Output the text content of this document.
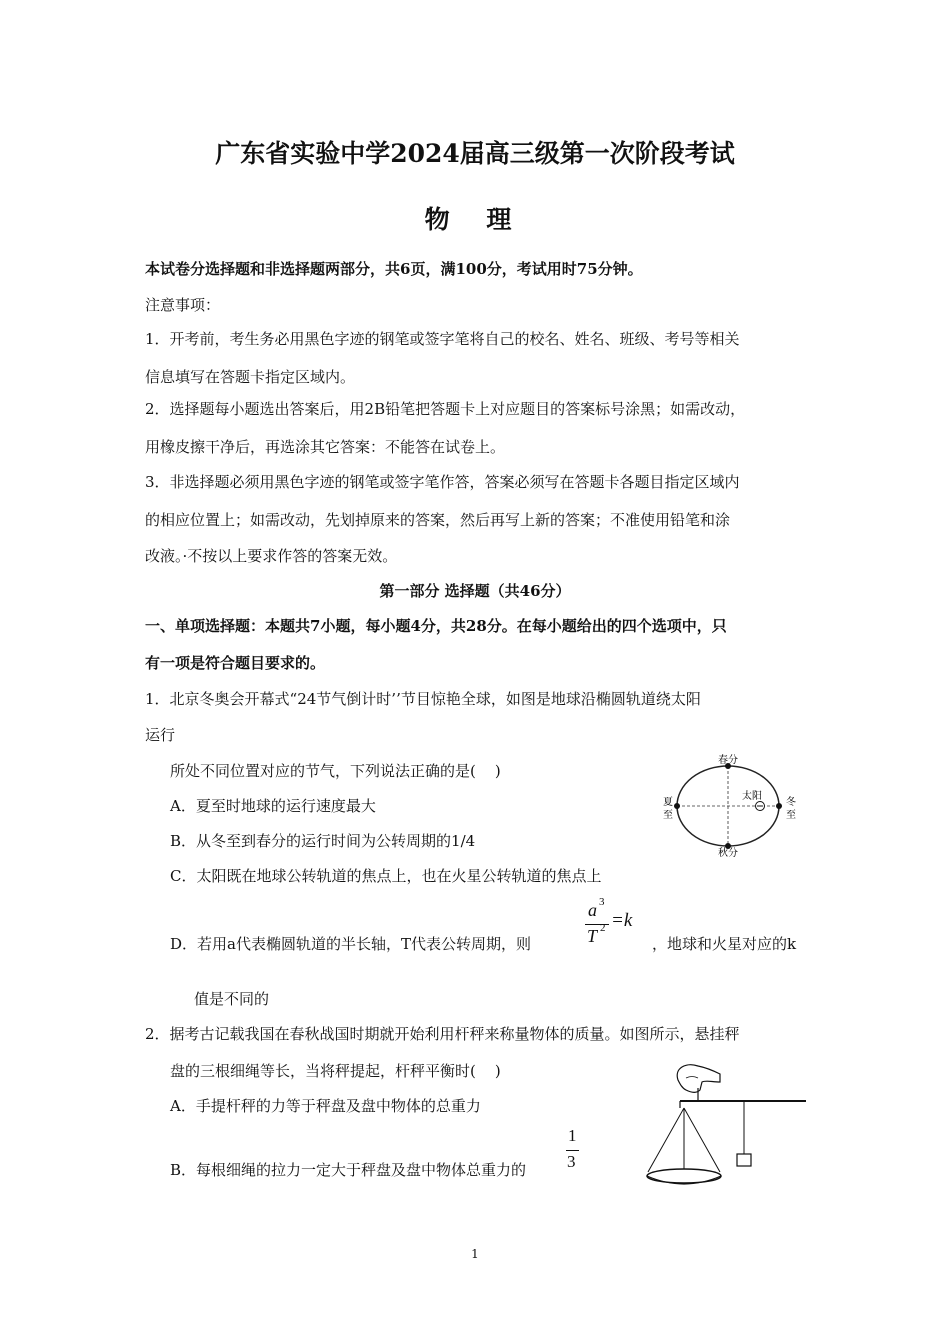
广东省实验中学2024届高三级第一次阶段考试
物 理
本试卷分选择题和非选择题两部分，共6页，满100分，考试用时75分钟。
注意事项：
1．开考前，考生务必用黑色字迹的钢笔或签字笔将自己的校名、姓名、班级、考号等相关
信息填写在答题卡指定区域内。
2．选择题每小题选出答案后，用2B铅笔把答题卡上对应题目的答案标号涂黑；如需改动，
用橡皮擦干净后，再选涂其它答案：不能答在试卷上。
3．非选择题必须用黑色字迹的钢笔或签字笔作答，答案必须写在答题卡各题目指定区域内
的相应位置上；如需改动，先划掉原来的答案，然后再写上新的答案；不准使用铅笔和涂
改液。·不按以上要求作答的答案无效。
第一部分 选择题（共46分）
一、单项选择题：本题共7小题，每小题4分，共28分。在每小题给出的四个选项中，只
有一项是符合题目要求的。
1．北京冬奥会开幕式“24节气倒计时’’节目惊艳全球，如图是地球沿椭圆轨道绕太阳
运行
所处不同位置对应的节气，下列说法正确的是(    )
A．夏至时地球的运行速度最大
B．从冬至到春分的运行时间为公转周期的1/4
C．太阳既在地球公转轨道的焦点上，也在火星公转轨道的焦点上
D．若用a代表椭圆轨道的半长轴，T代表公转周期，则
a 3
T 2 =k
，地球和火星对应的k
值是不同的
春分
秋分
夏
至
冬
至
太阳
2．据考古记载我国在春秋战国时期就开始利用杆秤来称量物体的质量。如图所示，悬挂秤
盘的三根细绳等长，当将秤提起，杆秤平衡时(    )
A．手提杆秤的力等于秤盘及盘中物体的总重力
B．每根细绳的拉力一定大于秤盘及盘中物体总重力的
1
3
1
